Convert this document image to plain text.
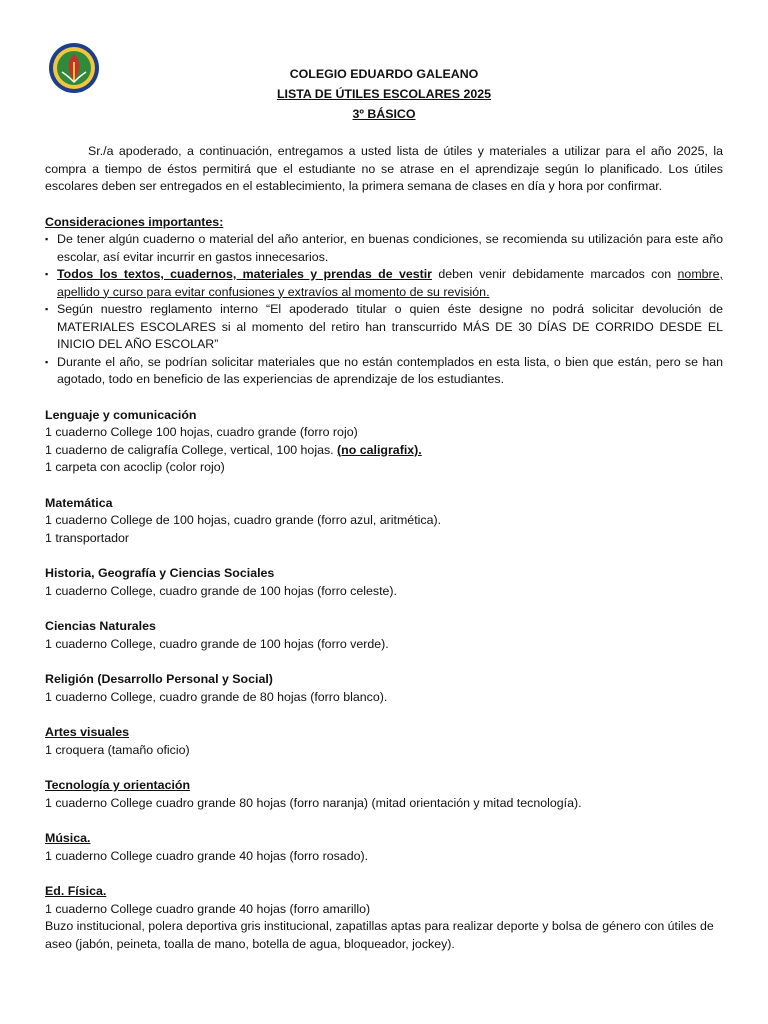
COLEGIO EDUARDO GALEANO
LISTA DE ÚTILES ESCOLARES 2025
3º BÁSICO

Sr./a apoderado, a continuación, entregamos a usted lista de útiles y materiales a utilizar para el año 2025, la compra a tiempo de éstos permitirá que el estudiante no se atrase en el aprendizaje según lo planificado. Los útiles escolares deben ser entregados en el establecimiento, la primera semana de clases en día y hora por confirmar.

Consideraciones importantes:

▪ De tener algún cuaderno o material del año anterior, en buenas condiciones, se recomienda su utilización para este año escolar, así evitar incurrir en gastos innecesarios.
▪ Todos los textos, cuadernos, materiales y prendas de vestir deben venir debidamente marcados con nombre, apellido y curso para evitar confusiones y extravíos al momento de su revisión.
▪ Según nuestro reglamento interno “El apoderado titular o quien éste designe no podrá solicitar devolución de MATERIALES ESCOLARES si al momento del retiro han transcurrido MÁS DE 30 DÍAS DE CORRIDO DESDE EL INICIO DEL AÑO ESCOLAR”
▪ Durante el año, se podrían solicitar materiales que no están contemplados en esta lista, o bien que están, pero se han agotado, todo en beneficio de las experiencias de aprendizaje de los estudiantes.

Lenguaje y comunicación

1 cuaderno College 100 hojas, cuadro grande (forro rojo)

1 cuaderno de caligrafía College, vertical, 100 hojas. (no caligrafix).

1 carpeta con acoclip (color rojo)

Matemática

1 cuaderno College de 100 hojas, cuadro grande (forro azul, aritmética).

1 transportador

Historia, Geografía y Ciencias Sociales

1 cuaderno College, cuadro grande de 100 hojas (forro celeste).

Ciencias Naturales

1 cuaderno College, cuadro grande de 100 hojas (forro verde).

Religión (Desarrollo Personal y Social)

1 cuaderno College, cuadro grande de 80 hojas (forro blanco).

Artes visuales

1 croquera (tamaño oficio)

Tecnología y orientación

1 cuaderno College cuadro grande 80 hojas (forro naranja) (mitad orientación y mitad tecnología).

Música.

1 cuaderno College cuadro grande 40 hojas (forro rosado).

Ed. Física.

1 cuaderno College cuadro grande 40 hojas (forro amarillo)

Buzo institucional, polera deportiva gris institucional, zapatillas aptas para realizar deporte y bolsa de género con útiles de aseo (jabón, peineta, toalla de mano, botella de agua, bloqueador, jockey).
